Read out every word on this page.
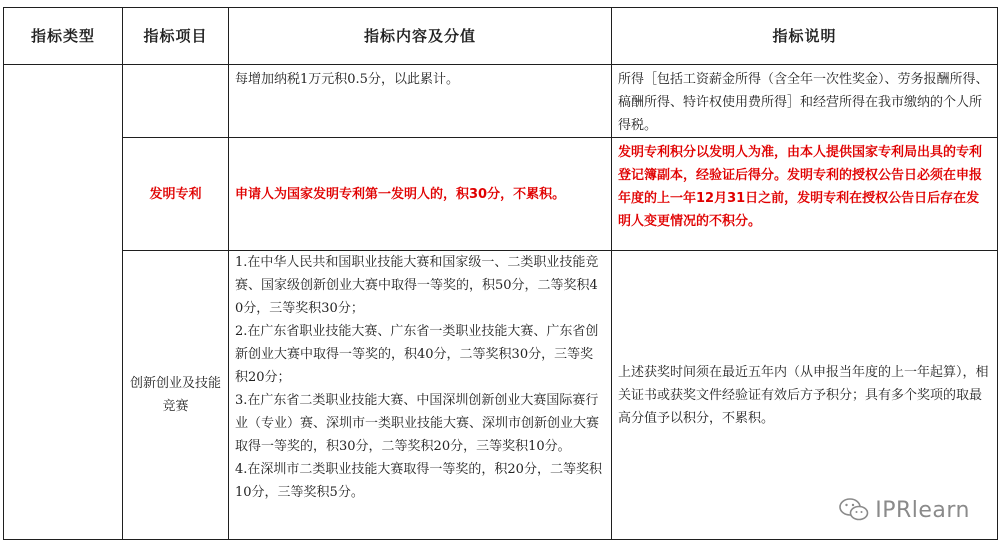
指标类型	指标项目	指标内容及分值	指标说明

		每增加纳税1万元积0.5分，以此累计。	所得［包括工资薪金所得（含全年一次性奖金）、劳务报酬所得、稿酬所得、特许权使用费所得］和经营所得在我市缴纳的个人所得税。

	发明专利	申请人为国家发明专利第一发明人的，积30分，不累积。	发明专利积分以发明人为准，由本人提供国家专利局出具的专利登记簿副本，经验证后得分。发明专利的授权公告日必须在申报年度的上一年12月31日之前，发明专利在授权公告日后存在发明人变更情况的不积分。

	创新创业及技能竞赛	1.在中华人民共和国职业技能大赛和国家级一、二类职业技能竞赛、国家级创新创业大赛中取得一等奖的，积50分，二等奖积40分，三等奖积30分；
2.在广东省职业技能大赛、广东省一类职业技能大赛、广东省创新创业大赛中取得一等奖的，积40分，二等奖积30分，三等奖积20分；
3.在广东省二类职业技能大赛、中国深圳创新创业大赛国际赛行业（专业）赛、深圳市一类职业技能大赛、深圳市创新创业大赛取得一等奖的，积30分，二等奖积20分，三等奖积10分。
4.在深圳市二类职业技能大赛取得一等奖的，积20分，二等奖积10分，三等奖积5分。	上述获奖时间须在最近五年内（从申报当年度的上一年起算），相关证书或获奖文件经验证有效后方予积分；具有多个奖项的取最高分值予以积分，不累积。
IPRlearn
